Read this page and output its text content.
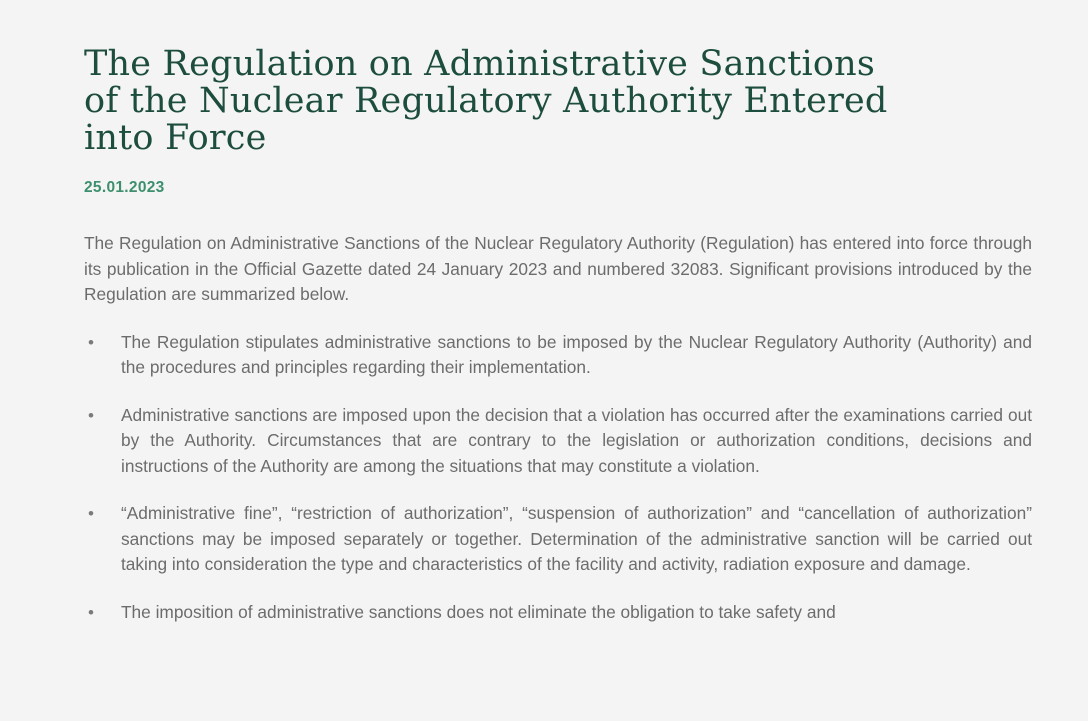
The Regulation on Administrative Sanctions
of the Nuclear Regulatory Authority Entered
into Force
25.01.2023

The Regulation on Administrative Sanctions of the Nuclear Regulatory Authority (Regulation) has entered into force through its publication in the Official Gazette dated 24 January 2023 and numbered 32083. Significant provisions introduced by the Regulation are summarized below.

• The Regulation stipulates administrative sanctions to be imposed by the Nuclear Regulatory Authority (Authority) and the procedures and principles regarding their implementation.
• Administrative sanctions are imposed upon the decision that a violation has occurred after the examinations carried out by the Authority. Circumstances that are contrary to the legislation or authorization conditions, decisions and instructions of the Authority are among the situations that may constitute a violation.
• “Administrative fine”, “restriction of authorization”, “suspension of authorization” and “cancellation of authorization” sanctions may be imposed separately or together. Determination of the administrative sanction will be carried out taking into consideration the type and characteristics of the facility and activity, radiation exposure and damage.
• The imposition of administrative sanctions does not eliminate the obligation to take safety and
